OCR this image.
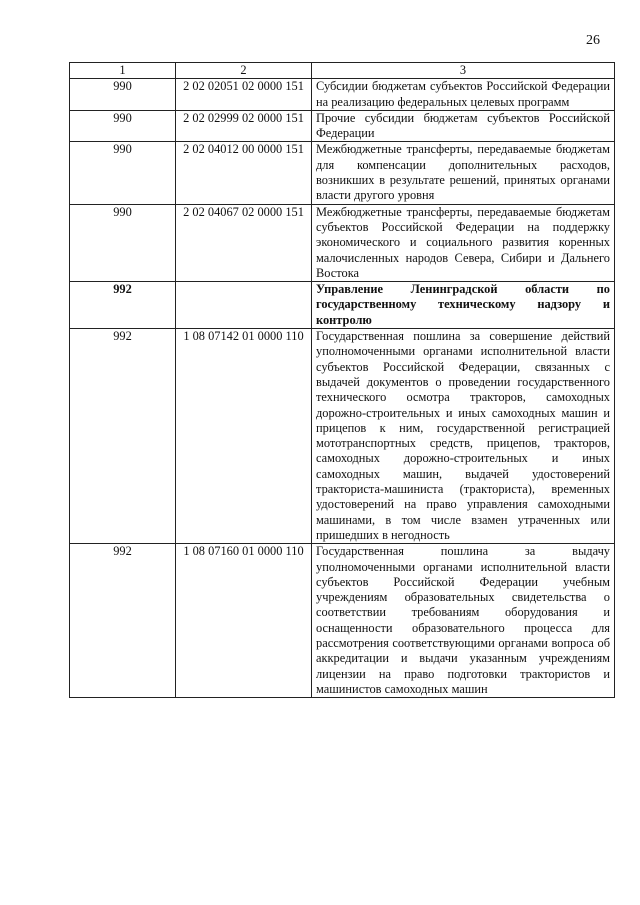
26
1	2	3
990	2 02 02051 02 0000 151	Субсидии бюджетам субъектов Российской Федерации на реализацию федеральных целевых программ
990	2 02 02999 02 0000 151	Прочие субсидии бюджетам субъектов Российской Федерации
990	2 02 04012 00 0000 151	Межбюджетные трансферты, передаваемые бюджетам для компенсации дополнительных расходов, возникших в результате решений, принятых органами власти другого уровня
990	2 02 04067 02 0000 151	Межбюджетные трансферты, передаваемые бюджетам субъектов Российской Федерации на поддержку экономического и социального развития коренных малочисленных народов Севера, Сибири и Дальнего Востока
992		Управление Ленинградской области по государственному техническому надзору и контролю
992	1 08 07142 01 0000 110	Государственная пошлина за совершение действий уполномоченными органами исполнительной власти субъектов Российской Федерации, связанных с выдачей документов о проведении государственного технического осмотра тракторов, самоходных дорожно-строительных и иных самоходных машин и прицепов к ним, государственной регистрацией мототранспортных средств, прицепов, тракторов, самоходных дорожно-строительных и иных самоходных машин, выдачей удостоверений тракториста-машиниста (тракториста), временных удостоверений на право управления самоходными машинами, в том числе взамен утраченных или пришедших в негодность
992	1 08 07160 01 0000 110	Государственная пошлина за выдачу уполномоченными органами исполнительной власти субъектов Российской Федерации учебным учреждениям образовательных свидетельства о соответствии требованиям оборудования и оснащенности образовательного процесса для рассмотрения соответствующими органами вопроса об аккредитации и выдачи указанным учреждениям лицензии на право подготовки трактористов и машинистов самоходных машин
